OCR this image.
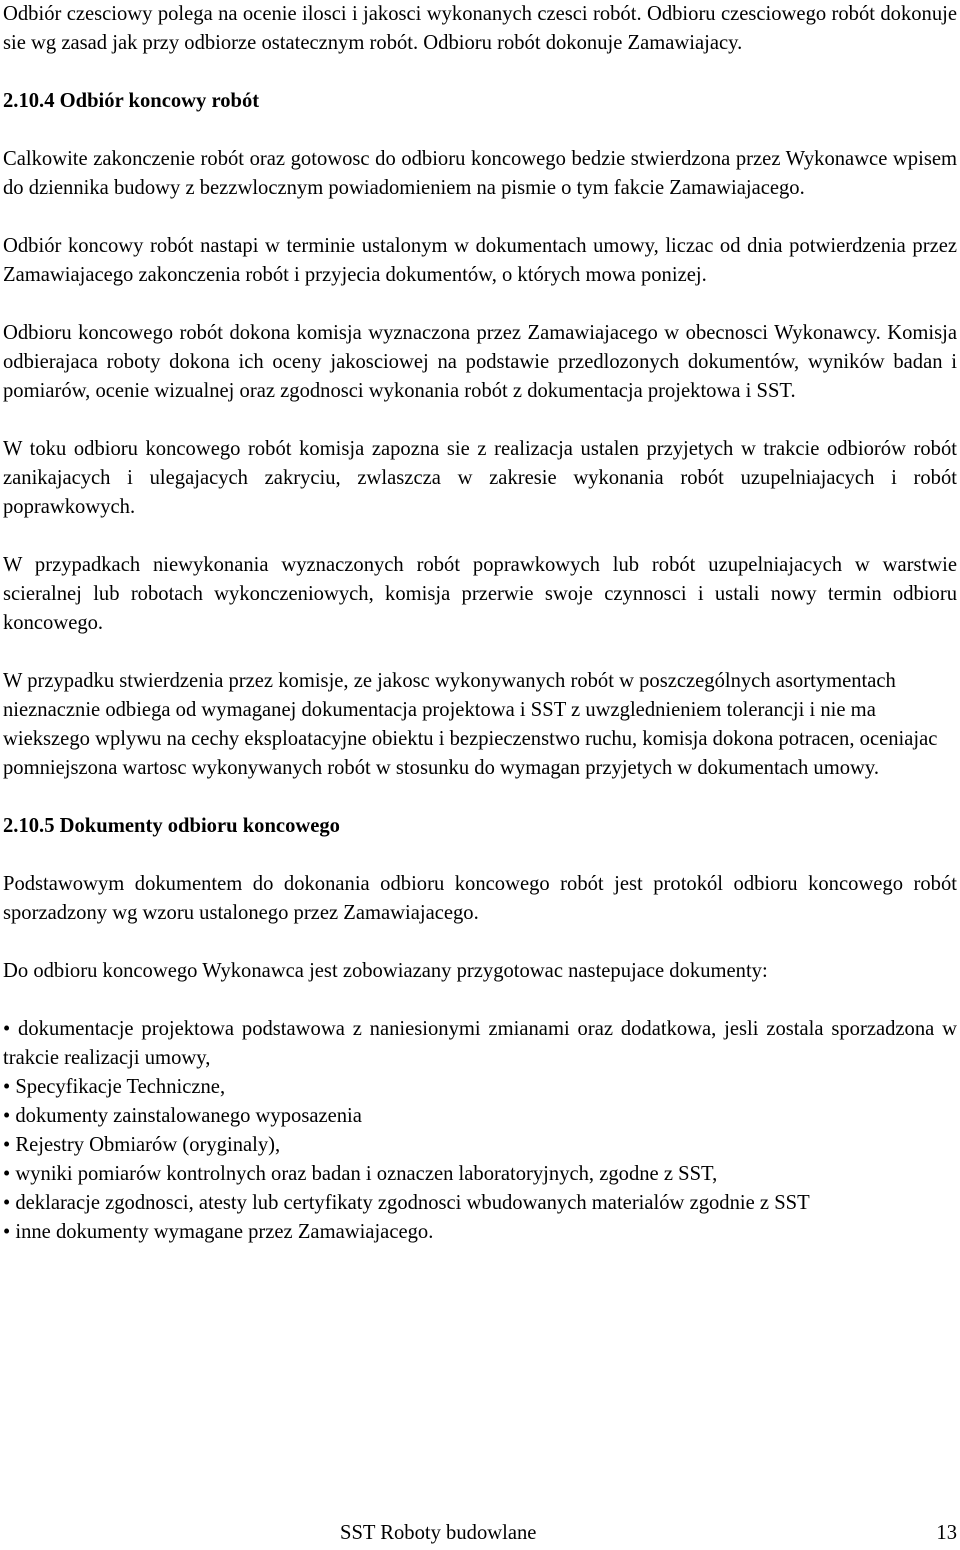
Odbiór czesciowy polega na ocenie ilosci i jakosci wykonanych czesci robót. Odbioru czesciowego robót dokonuje sie wg zasad jak przy odbiorze ostatecznym robót. Odbioru robót dokonuje Zamawiajacy.

2.10.4 Odbiór koncowy robót

Calkowite zakonczenie robót oraz gotowosc do odbioru koncowego bedzie stwierdzona przez Wykonawce wpisem do dziennika budowy z bezzwlocznym powiadomieniem na pismie o tym fakcie Zamawiajacego.

Odbiór koncowy robót nastapi w terminie ustalonym w dokumentach umowy, liczac od dnia potwierdzenia przez Zamawiajacego zakonczenia robót i przyjecia dokumentów, o których mowa ponizej.

Odbioru koncowego robót dokona komisja wyznaczona przez Zamawiajacego w obecnosci Wykonawcy. Komisja odbierajaca roboty dokona ich oceny jakosciowej na podstawie przedlozonych dokumentów, wyników badan i pomiarów, ocenie wizualnej oraz zgodnosci wykonania robót z dokumentacja projektowa i SST.

W toku odbioru koncowego robót komisja zapozna sie z realizacja ustalen przyjetych w trakcie odbiorów robót zanikajacych i ulegajacych zakryciu, zwlaszcza w zakresie wykonania robót uzupelniajacych i robót poprawkowych.

W przypadkach niewykonania wyznaczonych robót poprawkowych lub robót uzupelniajacych w warstwie scieralnej lub robotach wykonczeniowych, komisja przerwie swoje czynnosci i ustali nowy termin odbioru koncowego.

W przypadku stwierdzenia przez komisje, ze jakosc wykonywanych robót w poszczególnych asortymentach nieznacznie odbiega od wymaganej dokumentacja projektowa i SST z uwzglednieniem tolerancji i nie ma wiekszego wplywu na cechy eksploatacyjne obiektu i bezpieczenstwo ruchu, komisja dokona potracen, oceniajac pomniejszona wartosc wykonywanych robót w stosunku do wymagan przyjetych w dokumentach umowy.

2.10.5 Dokumenty odbioru koncowego

Podstawowym dokumentem do dokonania odbioru koncowego robót jest protokól odbioru koncowego robót sporzadzony wg wzoru ustalonego przez Zamawiajacego.

Do odbioru koncowego Wykonawca jest zobowiazany przygotowac nastepujace dokumenty:

• dokumentacje projektowa podstawowa z naniesionymi zmianami oraz dodatkowa, jesli zostala sporzadzona w trakcie realizacji umowy,
• Specyfikacje Techniczne,
• dokumenty zainstalowanego wyposazenia
• Rejestry Obmiarów (oryginaly),
• wyniki pomiarów kontrolnych oraz badan i oznaczen laboratoryjnych, zgodne z SST,
• deklaracje zgodnosci, atesty lub certyfikaty zgodnosci wbudowanych materialów zgodnie z SST
• inne dokumenty wymagane przez Zamawiajacego.
SST Roboty budowlane	13
